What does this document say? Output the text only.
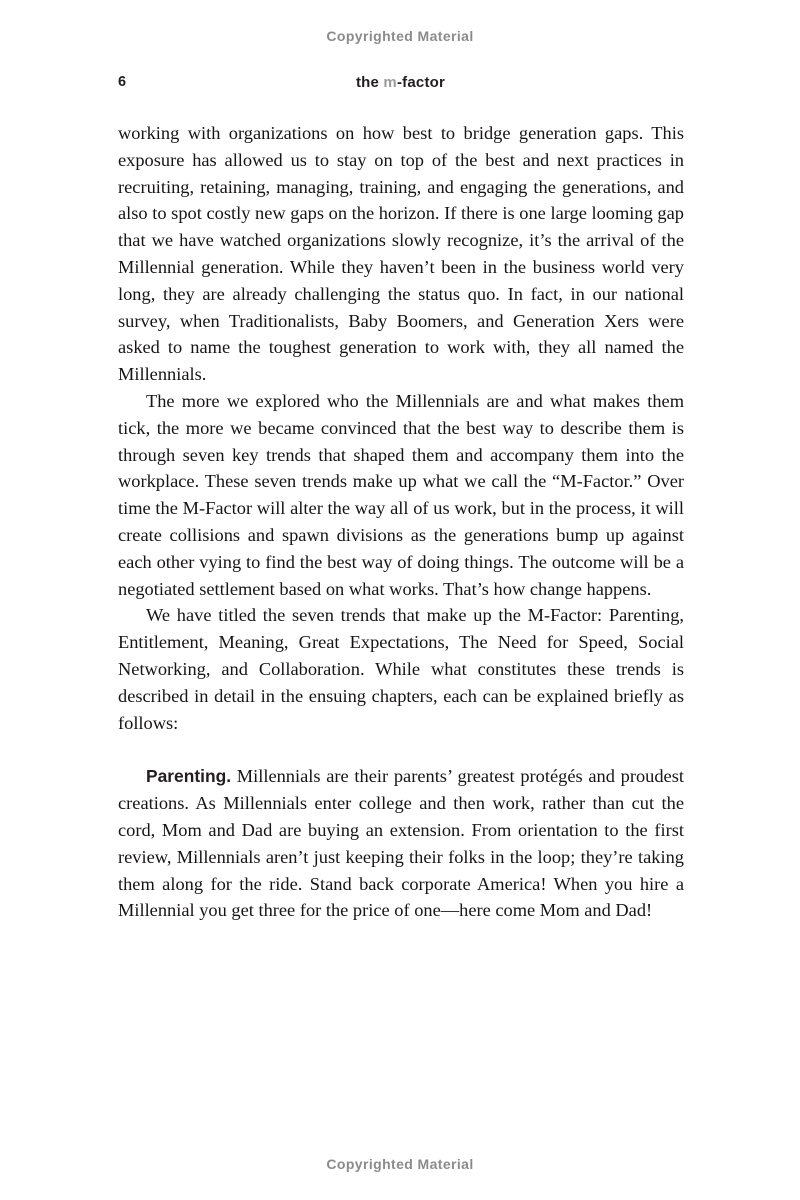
Copyrighted Material
6	the m-factor

working with organizations on how best to bridge generation gaps. This exposure has allowed us to stay on top of the best and next practices in recruiting, retaining, managing, training, and engaging the generations, and also to spot costly new gaps on the horizon. If there is one large looming gap that we have watched organizations slowly recognize, it’s the arrival of the Millennial generation. While they haven’t been in the business world very long, they are already challenging the status quo. In fact, in our national survey, when Traditionalists, Baby Boomers, and Generation Xers were asked to name the toughest generation to work with, they all named the Millennials.

The more we explored who the Millennials are and what makes them tick, the more we became convinced that the best way to describe them is through seven key trends that shaped them and accompany them into the workplace. These seven trends make up what we call the “M-Factor.” Over time the M-Factor will alter the way all of us work, but in the process, it will create collisions and spawn divisions as the generations bump up against each other vying to find the best way of doing things. The outcome will be a negotiated settlement based on what works. That’s how change happens.

We have titled the seven trends that make up the M-Factor: Parenting, Entitlement, Meaning, Great Expectations, The Need for Speed, Social Networking, and Collaboration. While what constitutes these trends is described in detail in the ensuing chapters, each can be explained briefly as follows:

Parenting. Millennials are their parents’ greatest protégés and proudest creations. As Millennials enter college and then work, rather than cut the cord, Mom and Dad are buying an extension. From orientation to the first review, Millennials aren’t just keeping their folks in the loop; they’re taking them along for the ride. Stand back corporate America! When you hire a Millennial you get three for the price of one—here come Mom and Dad!

Copyrighted Material
